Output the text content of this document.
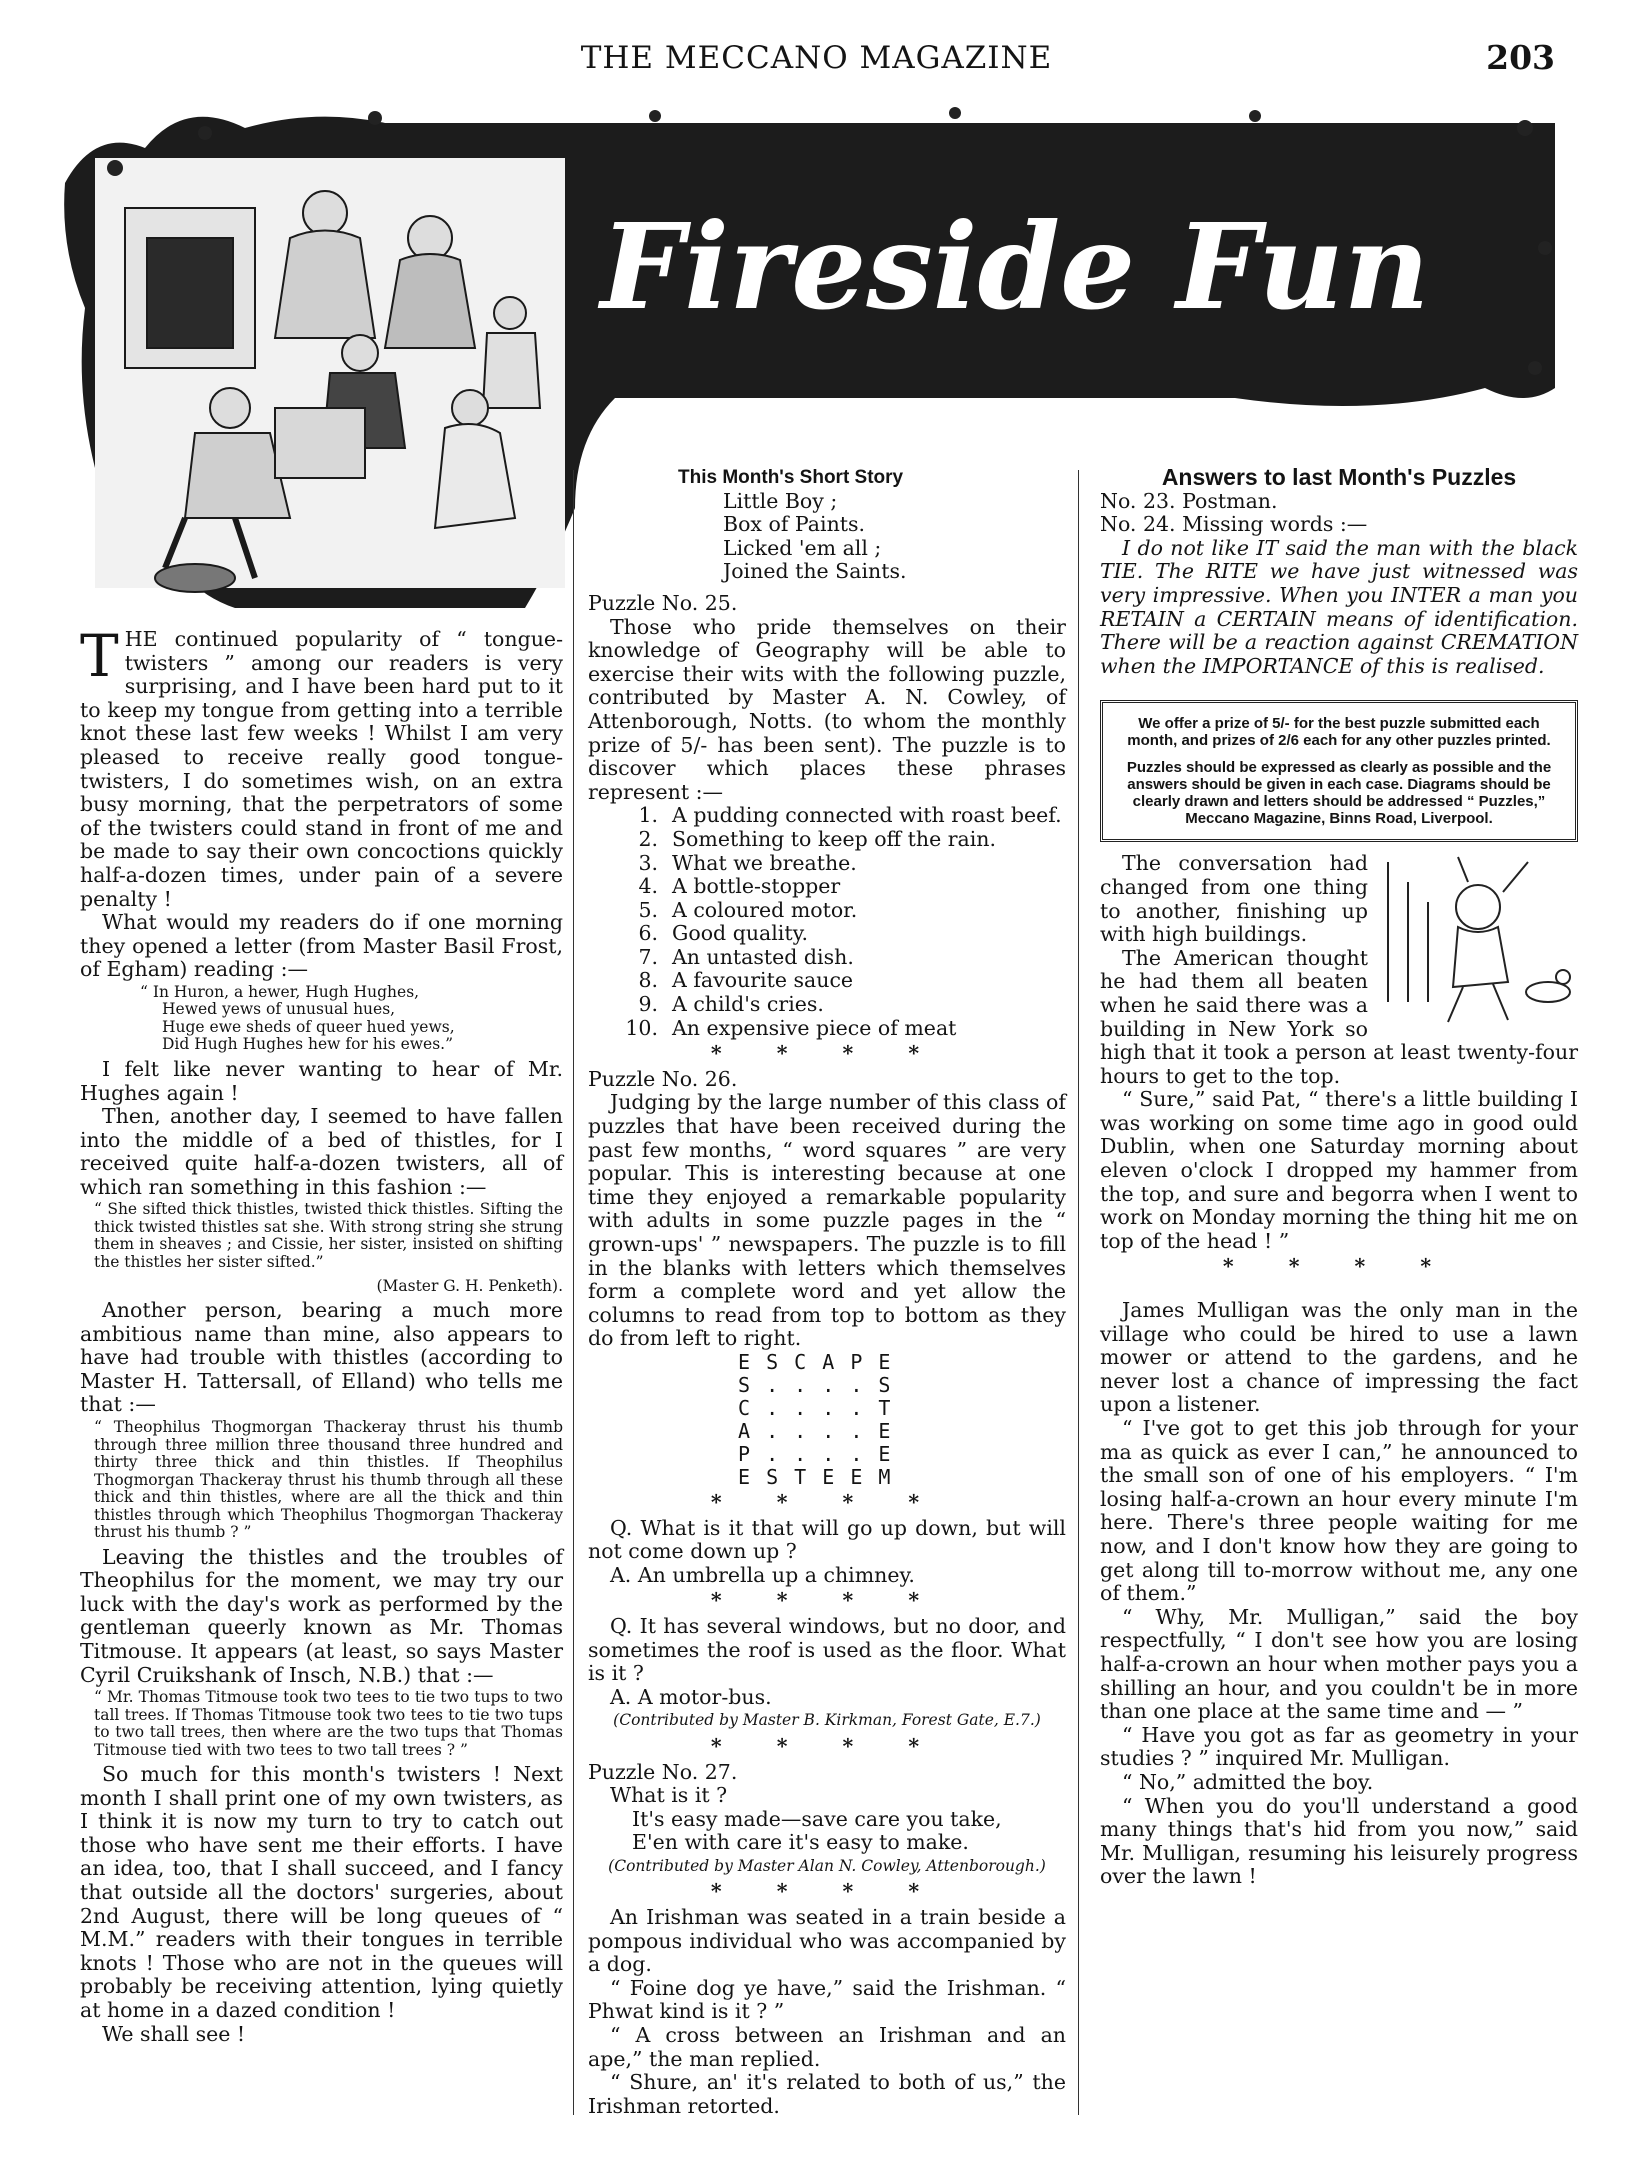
THE MECCANO MAGAZINE	203
Fireside Fun

THE continued popularity of “ tongue-twisters ” among our readers is very surprising, and I have been hard put to it to keep my tongue from getting into a terrible knot these last few weeks ! Whilst I am very pleased to receive really good tongue-twisters, I do sometimes wish, on an extra busy morning, that the perpetrators of some of the twisters could stand in front of me and be made to say their own concoctions quickly half-a-dozen times, under pain of a severe penalty !

What would my readers do if one morning they opened a letter (from Master Basil Frost, of Egham) reading :—

“ In Huron, a hewer, Hugh Hughes,
Hewed yews of unusual hues,
Huge ewe sheds of queer hued yews,
Did Hugh Hughes hew for his ewes.”

I felt like never wanting to hear of Mr. Hughes again !

Then, another day, I seemed to have fallen into the middle of a bed of thistles, for I received quite half-a-dozen twisters, all of which ran something in this fashion :—

“ She sifted thick thistles, twisted thick thistles. Sifting the thick twisted thistles sat she. With strong string she strung them in sheaves ; and Cissie, her sister, insisted on shifting the thistles her sister sifted.”
(Master G. H. Penketh).

Another person, bearing a much more ambitious name than mine, also appears to have had trouble with thistles (according to Master H. Tattersall, of Elland) who tells me that :—

“ Theophilus Thogmorgan Thackeray thrust his thumb through three million three thousand three hundred and thirty three thick and thin thistles. If Theophilus Thogmorgan Thackeray thrust his thumb through all these thick and thin thistles, where are all the thick and thin thistles through which Theophilus Thogmorgan Thackeray thrust his thumb ? ”

Leaving the thistles and the troubles of Theophilus for the moment, we may try our luck with the day's work as performed by the gentleman queerly known as Mr. Thomas Titmouse. It appears (at least, so says Master Cyril Cruikshank of Insch, N.B.) that :—

“ Mr. Thomas Titmouse took two tees to tie two tups to two tall trees. If Thomas Titmouse took two tees to tie two tups to two tall trees, then where are the two tups that Thomas Titmouse tied with two tees to two tall trees ? ”

So much for this month's twisters ! Next month I shall print one of my own twisters, as I think it is now my turn to try to catch out those who have sent me their efforts. I have an idea, too, that I shall succeed, and I fancy that outside all the doctors' surgeries, about 2nd August, there will be long queues of “ M.M.” readers with their tongues in terrible knots ! Those who are not in the queues will probably be receiving attention, lying quietly at home in a dazed condition !

We shall see !

This Month's Short Story
Little Boy ;
Box of Paints.
Licked 'em all ;
Joined the Saints.
Puzzle No. 25.

Those who pride themselves on their knowledge of Geography will be able to exercise their wits with the following puzzle, contributed by Master A. N. Cowley, of Attenborough, Notts. (to whom the monthly prize of 5/- has been sent). The puzzle is to discover which places these phrases represent :—

1. A pudding connected with roast beef.
2. Something to keep off the rain.
3. What we breathe.
4. A bottle-stopper
5. A coloured motor.
6. Good quality.
7. An untasted dish.
8. A favourite sauce
9. A child's cries.
10. An expensive piece of meat
* * * *
Puzzle No. 26.

Judging by the large number of this class of puzzles that have been received during the past few months, “ word squares ” are very popular. This is interesting because at one time they enjoyed a remarkable popularity with adults in some puzzle pages in the “ grown-ups' ” newspapers. The puzzle is to fill in the blanks with letters which themselves form a complete word and yet allow the columns to read from top to bottom as they do from left to right.

E S C A P E
S . . . . S
C . . . . T
A . . . . E
P . . . . E
E S T E E M
* * * *

Q. What is it that will go up down, but will not come down up ?

A. An umbrella up a chimney.

* * * *

Q. It has several windows, but no door, and sometimes the roof is used as the floor. What is it ?

A. A motor-bus.

(Contributed by Master B. Kirkman, Forest Gate, E.7.)
* * * *
Puzzle No. 27.
What is it ?
It's easy made—save care you take,
E'en with care it's easy to make.
(Contributed by Master Alan N. Cowley, Attenborough.)
* * * *

An Irishman was seated in a train beside a pompous individual who was accompanied by a dog.

“ Foine dog ye have,” said the Irishman. “ Phwat kind is it ? ”

“ A cross between an Irishman and an ape,” the man replied.

“ Shure, an' it's related to both of us,” the Irishman retorted.

Answers to last Month's Puzzles
No. 23. Postman.
No. 24. Missing words :—

I do not like IT said the man with the black TIE. The RITE we have just witnessed was very impressive. When you INTER a man you RETAIN a CERTAIN means of identification. There will be a reaction against CREMATION when the IMPORTANCE of this is realised.

We offer a prize of 5/- for the best puzzle submitted each month, and prizes of 2/6 each for any other puzzles printed.
Puzzles should be expressed as clearly as possible and the answers should be given in each case. Diagrams should be clearly drawn and letters should be addressed “ Puzzles,” Meccano Magazine, Binns Road, Liverpool.

The conversation had changed from one thing to another, finishing up with high buildings.

The American thought he had them all beaten when he said there was a building in New York so high that it took a person at least twenty-four hours to get to the top.

“ Sure,” said Pat, “ there's a little building I was working on some time ago in good ould Dublin, when one Saturday morning about eleven o'clock I dropped my hammer from the top, and sure and begorra when I went to work on Monday morning the thing hit me on top of the head ! ”

* * * *

James Mulligan was the only man in the village who could be hired to use a lawn mower or attend to the gardens, and he never lost a chance of impressing the fact upon a listener.

“ I've got to get this job through for your ma as quick as ever I can,” he announced to the small son of one of his employers. “ I'm losing half-a-crown an hour every minute I'm here. There's three people waiting for me now, and I don't know how they are going to get along till to-morrow without me, any one of them.”

“ Why, Mr. Mulligan,” said the boy respectfully, “ I don't see how you are losing half-a-crown an hour when mother pays you a shilling an hour, and you couldn't be in more than one place at the same time and — ”

“ Have you got as far as geometry in your studies ? ” inquired Mr. Mulligan.

“ No,” admitted the boy.

“ When you do you'll understand a good many things that's hid from you now,” said Mr. Mulligan, resuming his leisurely progress over the lawn !
